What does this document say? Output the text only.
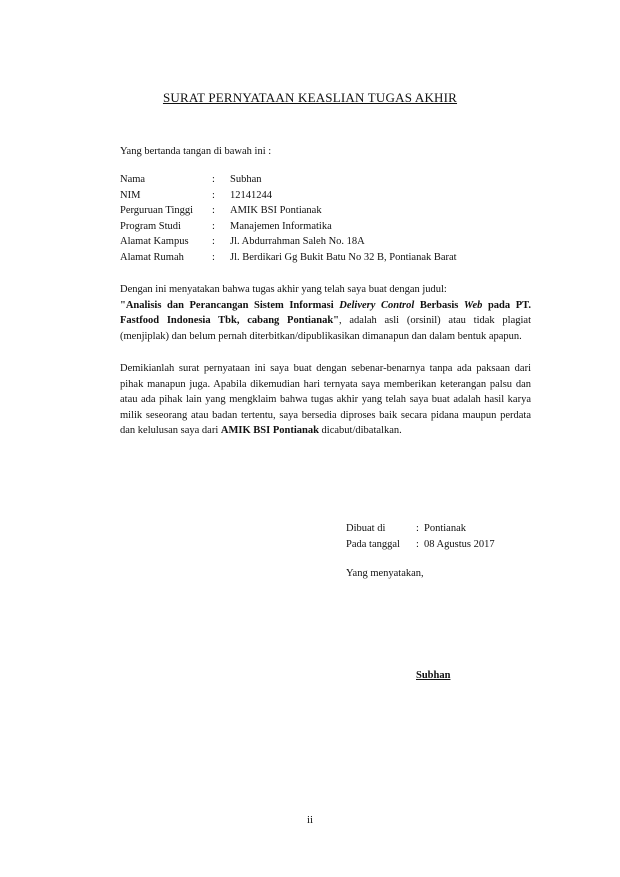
SURAT PERNYATAAN KEASLIAN TUGAS AKHIR
Yang bertanda tangan di bawah ini :
Nama	:	Subhan
NIM	:	12141244
Perguruan Tinggi	:	AMIK BSI Pontianak
Program Studi	:	Manajemen Informatika
Alamat Kampus	:	Jl. Abdurrahman Saleh No. 18A
Alamat Rumah	:	Jl. Berdikari Gg Bukit Batu No 32 B, Pontianak Barat
Dengan ini menyatakan bahwa tugas akhir yang telah saya buat dengan judul:
"Analisis dan Perancangan Sistem Informasi Delivery Control Berbasis Web pada PT. Fastfood Indonesia Tbk, cabang Pontianak", adalah asli (orsinil) atau tidak plagiat (menjiplak) dan belum pernah diterbitkan/dipublikasikan dimanapun dan dalam bentuk apapun.
Demikianlah surat pernyataan ini saya buat dengan sebenar-benarnya tanpa ada paksaan dari pihak manapun juga. Apabila dikemudian hari ternyata saya memberikan keterangan palsu dan atau ada pihak lain yang mengklaim bahwa tugas akhir yang telah saya buat adalah hasil karya milik seseorang atau badan tertentu, saya bersedia diproses baik secara pidana maupun perdata dan kelulusan saya dari AMIK BSI Pontianak dicabut/dibatalkan.
Dibuat di	: Pontianak
Pada tanggal	: 08 Agustus 2017
Yang menyatakan,
Subhan
ii
